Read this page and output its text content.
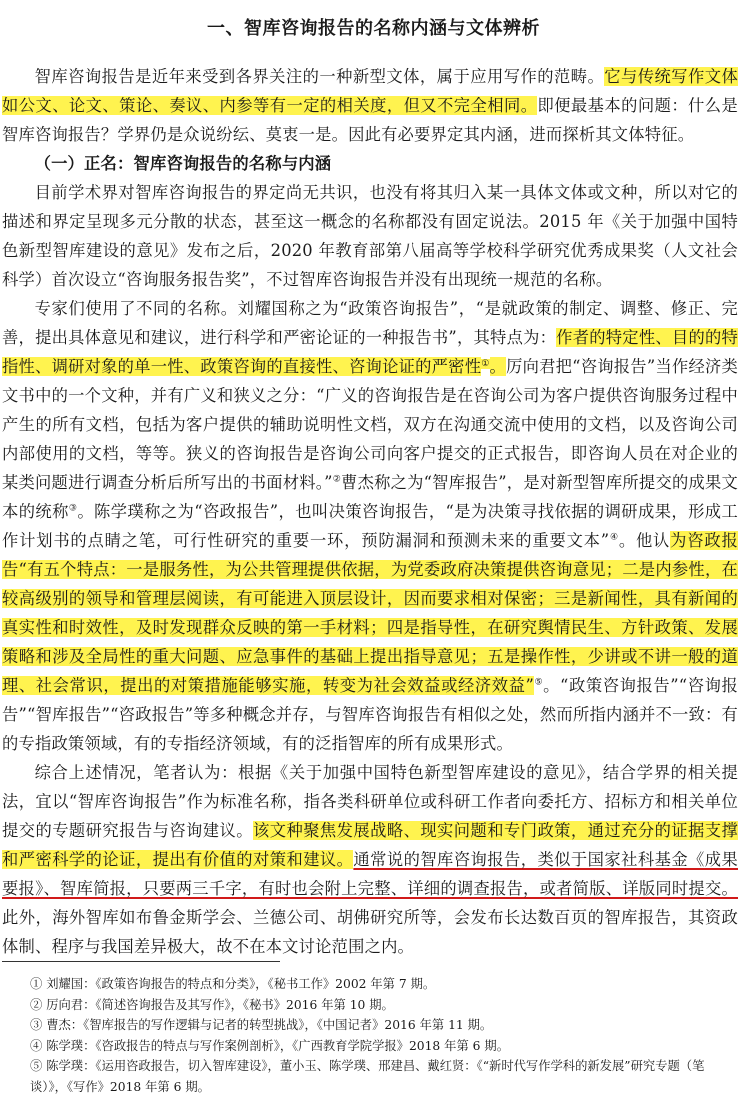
一、智库咨询报告的名称内涵与文体辨析

智库咨询报告是近年来受到各界关注的一种新型文体，属于应用写作的范畴。它与传统写作文体如公文、论文、策论、奏议、内参等有一定的相关度，但又不完全相同。即便最基本的问题：什么是智库咨询报告？学界仍是众说纷纭、莫衷一是。因此有必要界定其内涵，进而探析其文体特征。

（一）正名：智库咨询报告的名称与内涵

目前学术界对智库咨询报告的界定尚无共识，也没有将其归入某一具体文体或文种，所以对它的描述和界定呈现多元分散的状态，甚至这一概念的名称都没有固定说法。2015 年《关于加强中国特色新型智库建设的意见》发布之后，2020 年教育部第八届高等学校科学研究优秀成果奖（人文社会科学）首次设立“咨询服务报告奖”，不过智库咨询报告并没有出现统一规范的名称。

专家们使用了不同的名称。刘耀国称之为“政策咨询报告”，“是就政策的制定、调整、修正、完善，提出具体意见和建议，进行科学和严密论证的一种报告书”，其特点为：作者的特定性、目的的特指性、调研对象的单一性、政策咨询的直接性、咨询论证的严密性①。厉向君把“咨询报告”当作经济类文书中的一个文种，并有广义和狭义之分：“广义的咨询报告是在咨询公司为客户提供咨询服务过程中产生的所有文档，包括为客户提供的辅助说明性文档，双方在沟通交流中使用的文档，以及咨询公司内部使用的文档，等等。狭义的咨询报告是咨询公司向客户提交的正式报告，即咨询人员在对企业的某类问题进行调查分析后所写出的书面材料。”②曹杰称之为“智库报告”，是对新型智库所提交的成果文本的统称③。陈学璞称之为“咨政报告”，也叫决策咨询报告，“是为决策寻找依据的调研成果，形成工作计划书的点睛之笔，可行性研究的重要一环，预防漏洞和预测未来的重要文本”④。他认为咨政报告“有五个特点：一是服务性，为公共管理提供依据，为党委政府决策提供咨询意见；二是内参性，在较高级别的领导和管理层阅读，有可能进入顶层设计，因而要求相对保密；三是新闻性，具有新闻的真实性和时效性，及时发现群众反映的第一手材料；四是指导性，在研究舆情民生、方针政策、发展策略和涉及全局性的重大问题、应急事件的基础上提出指导意见；五是操作性，少讲或不讲一般的道理、社会常识，提出的对策措施能够实施，转变为社会效益或经济效益”⑤。“政策咨询报告”“咨询报告”“智库报告”“咨政报告”等多种概念并存，与智库咨询报告有相似之处，然而所指内涵并不一致：有的专指政策领域，有的专指经济领域，有的泛指智库的所有成果形式。

综合上述情况，笔者认为：根据《关于加强中国特色新型智库建设的意见》，结合学界的相关提法，宜以“智库咨询报告”作为标准名称，指各类科研单位或科研工作者向委托方、招标方和相关单位提交的专题研究报告与咨询建议。该文种聚焦发展战略、现实问题和专门政策，通过充分的证据支撑和严密科学的论证，提出有价值的对策和建议。通常说的智库咨询报告，类似于国家社科基金《成果要报》、智库简报，只要两三千字，有时也会附上完整、详细的调查报告，或者简版、详版同时提交。此外，海外智库如布鲁金斯学会、兰德公司、胡佛研究所等，会发布长达数百页的智库报告，其资政体制、程序与我国差异极大，故不在本文讨论范围之内。

① 刘耀国：《政策咨询报告的特点和分类》，《秘书工作》2002 年第 7 期。
② 厉向君：《简述咨询报告及其写作》，《秘书》2016 年第 10 期。
③ 曹杰：《智库报告的写作逻辑与记者的转型挑战》，《中国记者》2016 年第 11 期。
④ 陈学璞：《咨政报告的特点与写作案例剖析》，《广西教育学院学报》2018 年第 6 期。
⑤ 陈学璞：《运用咨政报告，切入智库建设》，董小玉、陈学璞、邢建昌、戴红贤：《“新时代写作学科的新发展”研究专题（笔谈）》，《写作》2018 年第 6 期。
